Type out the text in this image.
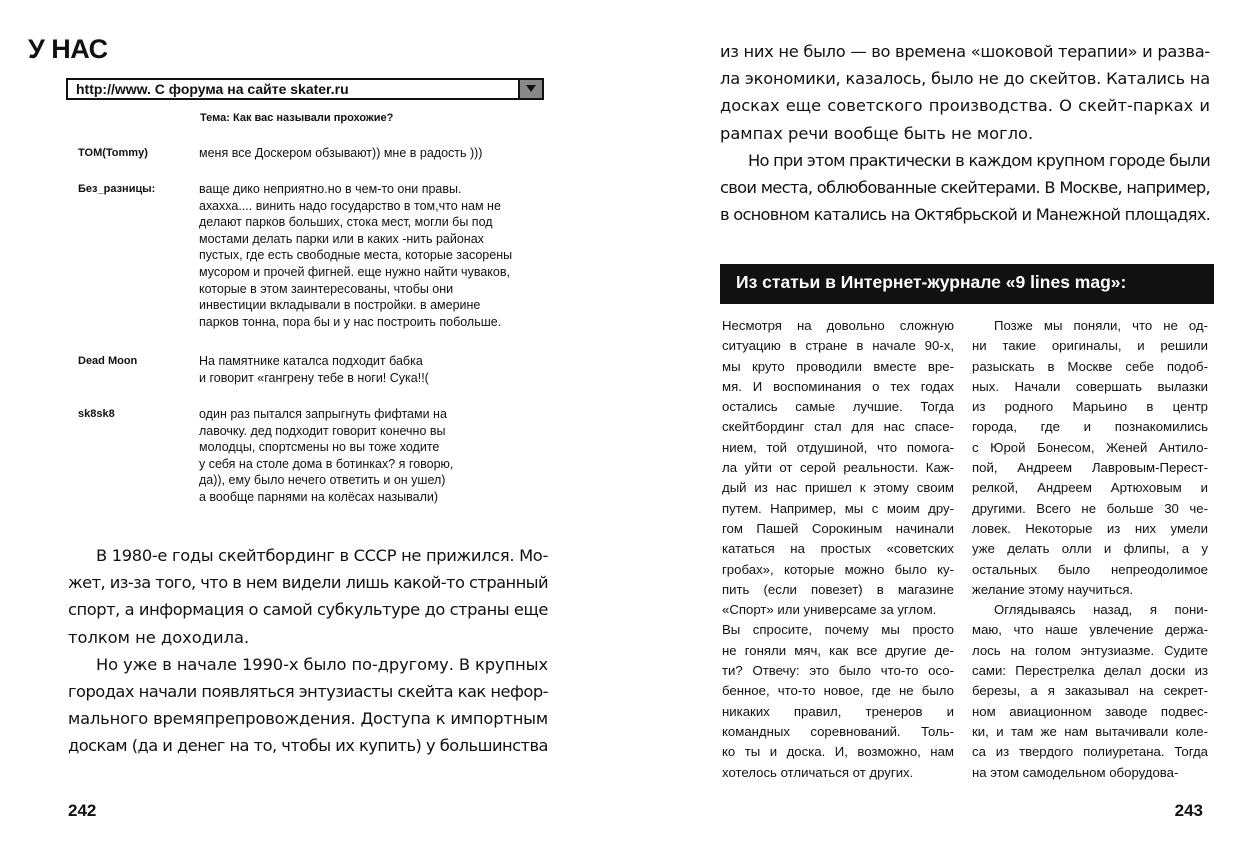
У НАС
http://www. С форума на сайте skater.ru
Тема: Как вас называли прохожие?
TOM(Tommy)	меня все Доскером обзывают)) мне в радость )))
Без_разницы:	ваще дико неприятно.но в чем-то они правы.
ахахха.... винить надо государство в том,что нам не
делают парков больших, стока мест, могли бы под
мостами делать парки или в каких -нить районах
пустых, где есть свободные места, которые засорены
мусором и прочей фигней. еще нужно найти чуваков,
которые в этом заинтересованы, чтобы они
инвестиции вкладывали в постройки. в америне
парков тонна, пора бы и у нас построить побольше.
Dead Moon	На памятнике каталса подходит бабка
и говорит «гангрену тебе в ноги! Сука!!(
sk8sk8	один раз пытался запрыгнуть фифтами на
лавочку. дед подходит говорит конечно вы
молодцы, спортсмены но вы тоже ходите
у себя на столе дома в ботинках? я говорю,
да)), ему было нечего ответить и он ушел)
а вообще парнями на колёсах называли)
В 1980-е годы скейтбординг в СССР не прижился. Мо-
жет, из-за того, что в нем видели лишь какой-то странный
спорт, а информация о самой субкультуре до страны еще
толком не доходила.
Но уже в начале 1990-х было по-другому. В крупных
городах начали появляться энтузиасты скейта как нефор-
мального времяпрепровождения. Доступа к импортным
доскам (да и денег на то, чтобы их купить) у большинства
242
из них не было — во времена «шоковой терапии» и разва-
ла экономики, казалось, было не до скейтов. Катались на
досках еще советского производства. О скейт-парках и
рампах речи вообще быть не могло.
Но при этом практически в каждом крупном городе были
свои места, облюбованные скейтерами. В Москве, например,
в основном катались на Октябрьской и Манежной площадях.
Из статьи в Интернет-журнале «9 lines mag»:
Несмотря на довольно сложную
ситуацию в стране в начале 90-х,
мы круто проводили вместе вре-
мя. И воспоминания о тех годах
остались самые лучшие. Тогда
скейтбординг стал для нас спасе-
нием, той отдушиной, что помога-
ла уйти от серой реальности. Каж-
дый из нас пришел к этому своим
путем. Например, мы с моим дру-
гом Пашей Сорокиным начинали
кататься на простых «советских
гробах», которые можно было ку-
пить (если повезет) в магазине
«Спорт» или универсаме за углом.
Вы спросите, почему мы просто
не гоняли мяч, как все другие де-
ти? Отвечу: это было что-то осо-
бенное, что-то новое, где не было
никаких правил, тренеров и
командных соревнований. Толь-
ко ты и доска. И, возможно, нам
хотелось отличаться от других.
Позже мы поняли, что не од-
ни такие оригиналы, и решили
разыскать в Москве себе подоб-
ных. Начали совершать вылазки
из родного Марьино в центр
города, где и познакомились
с Юрой Бонесом, Женей Антило-
пой, Андреем Лавровым-Перест-
релкой, Андреем Артюховым и
другими. Всего не больше 30 че-
ловек. Некоторые из них умели
уже делать олли и флипы, а у
остальных было непреодолимое
желание этому научиться.
Оглядываясь назад, я пони-
маю, что наше увлечение держа-
лось на голом энтузиазме. Судите
сами: Перестрелка делал доски из
березы, а я заказывал на секрет-
ном авиационном заводе подвес-
ки, и там же нам вытачивали коле-
са из твердого полиуретана. Тогда
на этом самодельном оборудова-
243
